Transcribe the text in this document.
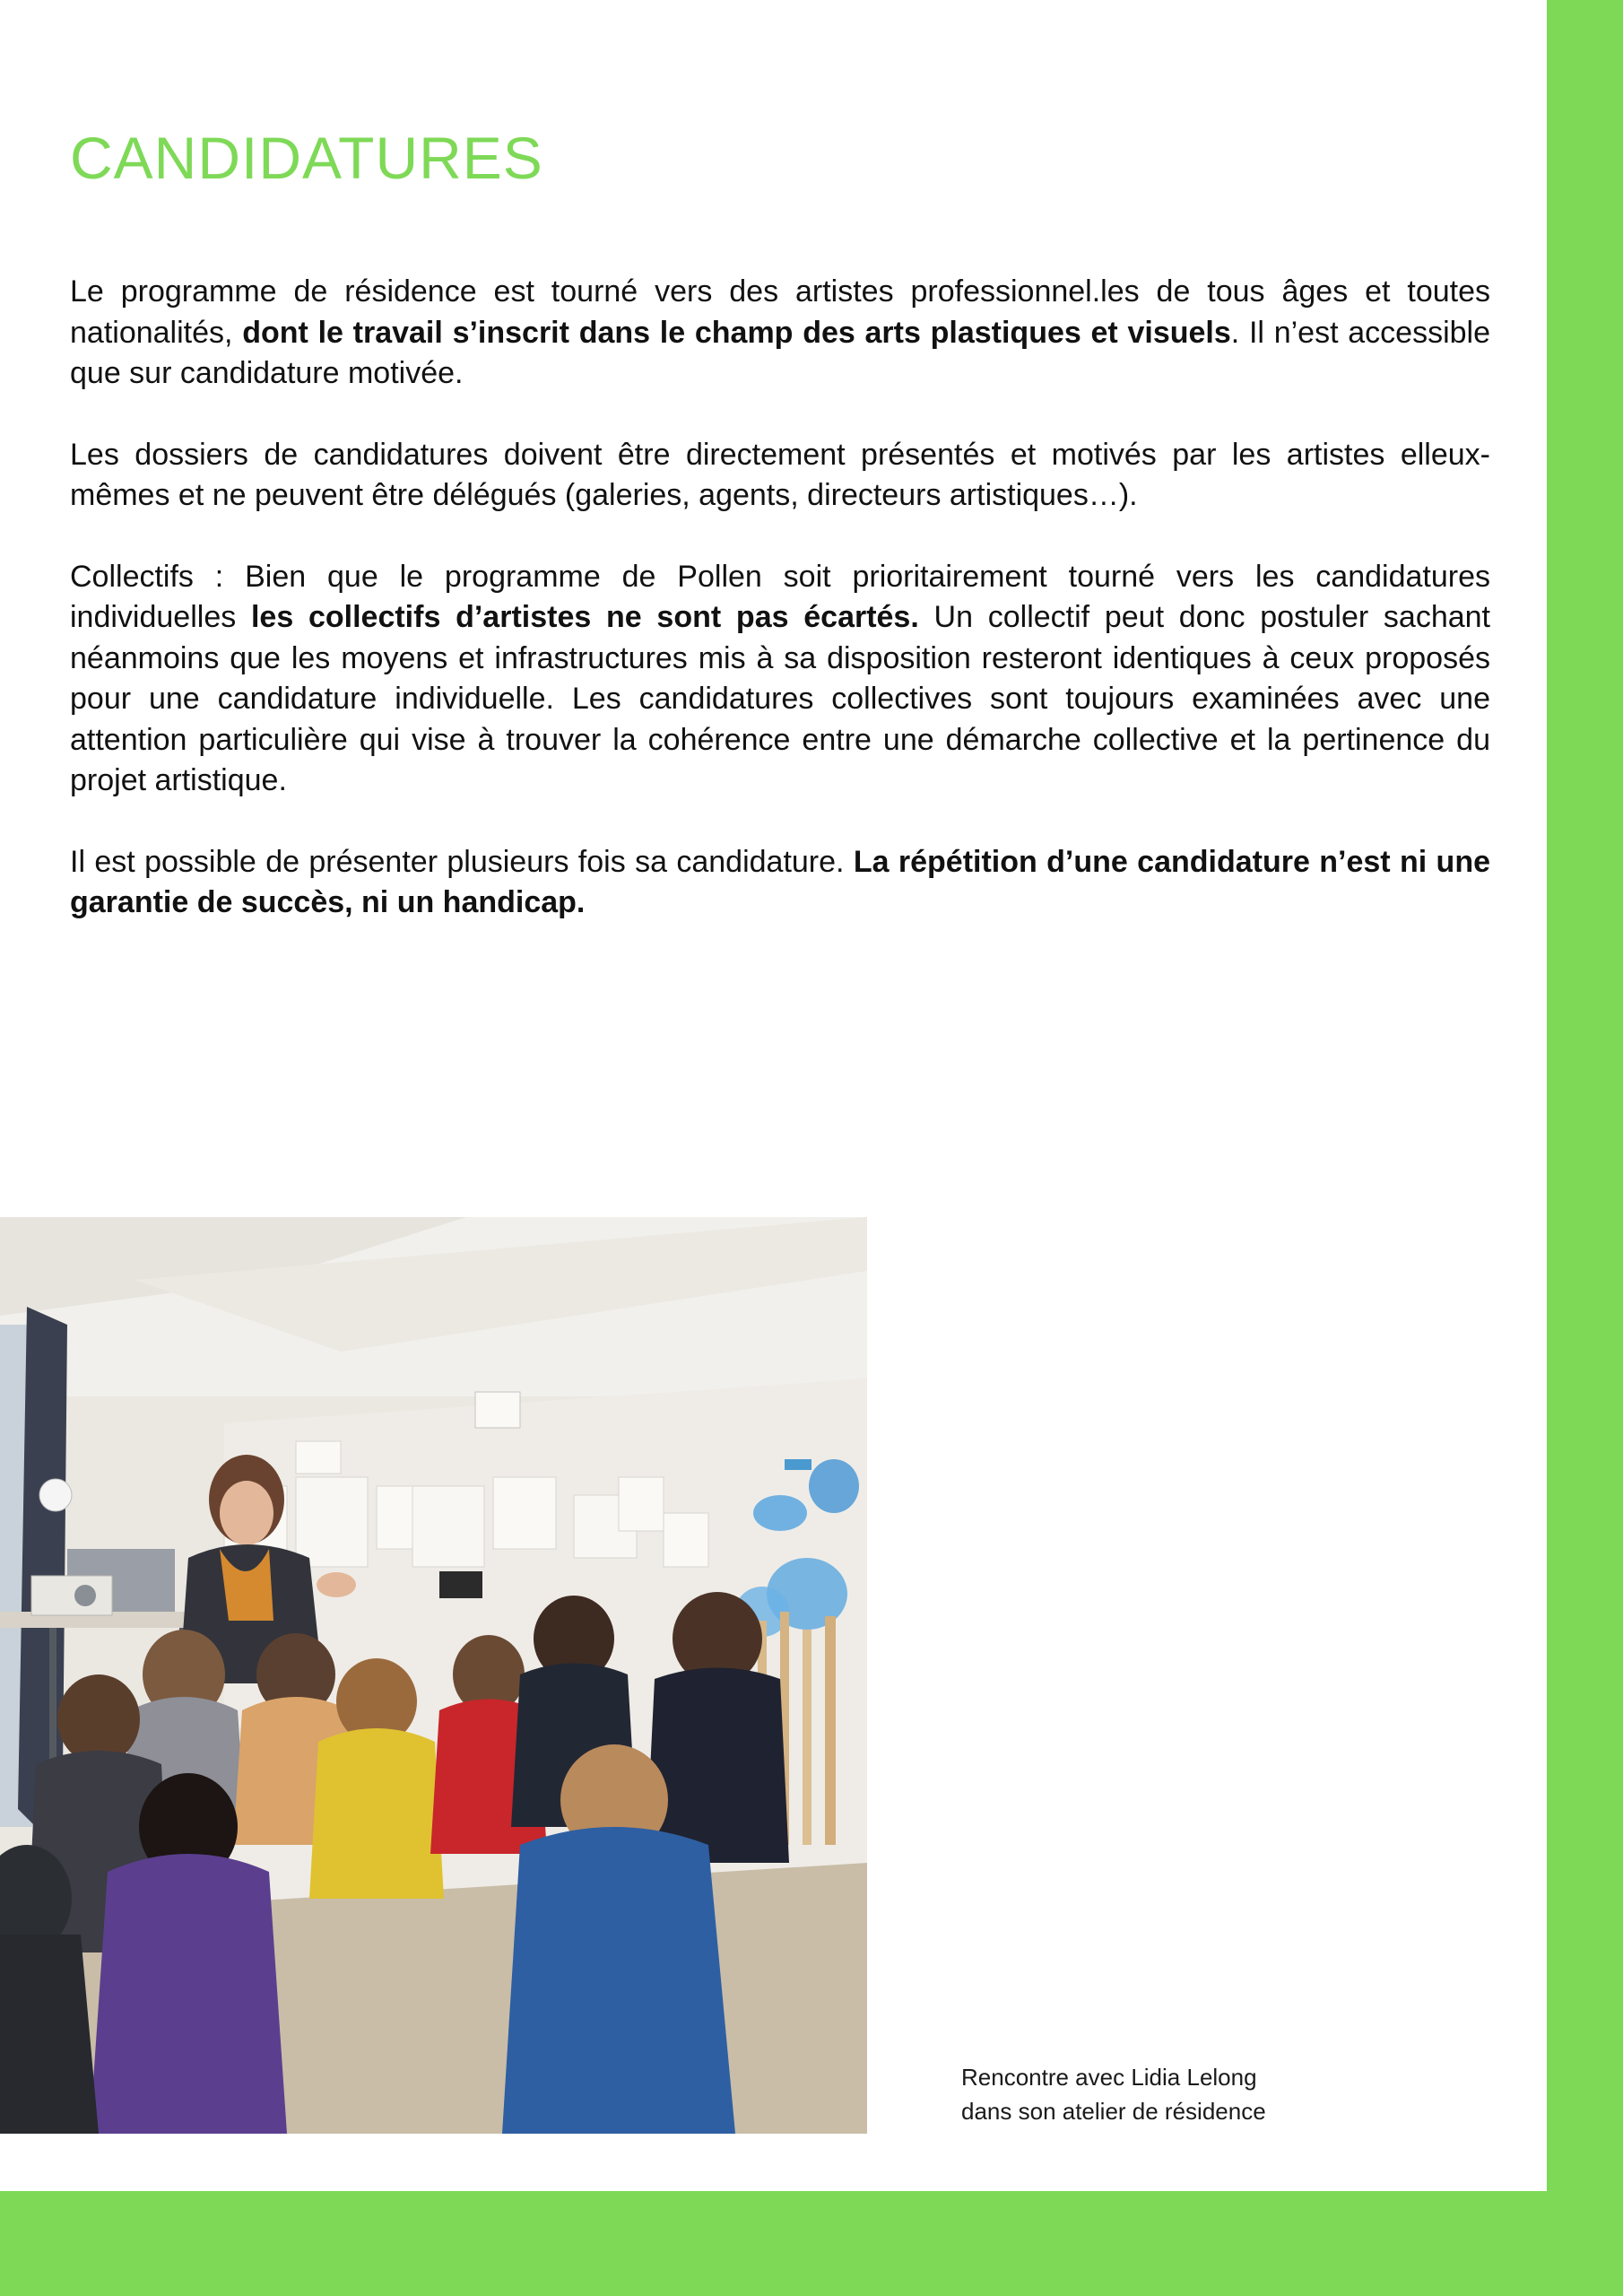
CANDIDATURES

Le programme de résidence est tourné vers des artistes professionnel.les de tous âges et toutes nationalités, dont le travail s’inscrit dans le champ des arts plastiques et visuels. Il n’est accessible que sur candidature motivée.

Les dossiers de candidatures doivent être directement présentés et motivés par les artistes elleux-mêmes et ne peuvent être délégués (galeries, agents, directeurs artistiques…).

Collectifs : Bien que le programme de Pollen soit prioritairement tourné vers les candidatures individuelles les collectifs d’artistes ne sont pas écartés. Un collectif peut donc postuler sachant néanmoins que les moyens et infrastructures mis à sa disposition resteront identiques à ceux proposés pour une candidature individuelle. Les candidatures collectives sont toujours examinées avec une attention particulière qui vise à trouver la cohérence entre une démarche collective et la pertinence du projet artistique.

Il est possible de présenter plusieurs fois sa candidature. La répétition d’une candidature n’est ni une garantie de succès, ni un handicap.

Rencontre avec Lidia Lelong
dans son atelier de résidence
